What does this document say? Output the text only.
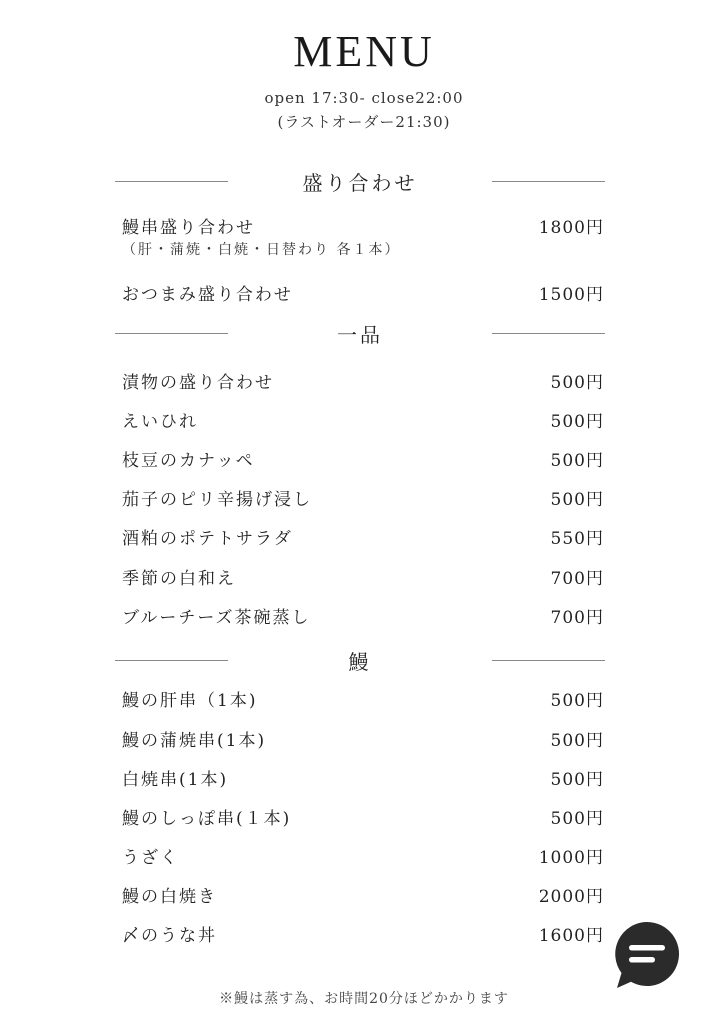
MENU
open 17:30- close22:00
(ラストオーダー21:30)
盛り合わせ
鰻串盛り合わせ	1800円
（肝・蒲焼・白焼・日替わり 各１本）
おつまみ盛り合わせ	1500円
一品
漬物の盛り合わせ	500円
えいひれ	500円
枝豆のカナッペ	500円
茄子のピリ辛揚げ浸し	500円
酒粕のポテトサラダ	550円
季節の白和え	700円
ブルーチーズ茶碗蒸し	700円
鰻
鰻の肝串（1本)	500円
鰻の蒲焼串(1本)	500円
白焼串(1本)	500円
鰻のしっぽ串(１本)	500円
うざく	1000円
鰻の白焼き	2000円
〆のうな丼	1600円
※鰻は蒸す為、お時間20分ほどかかります
